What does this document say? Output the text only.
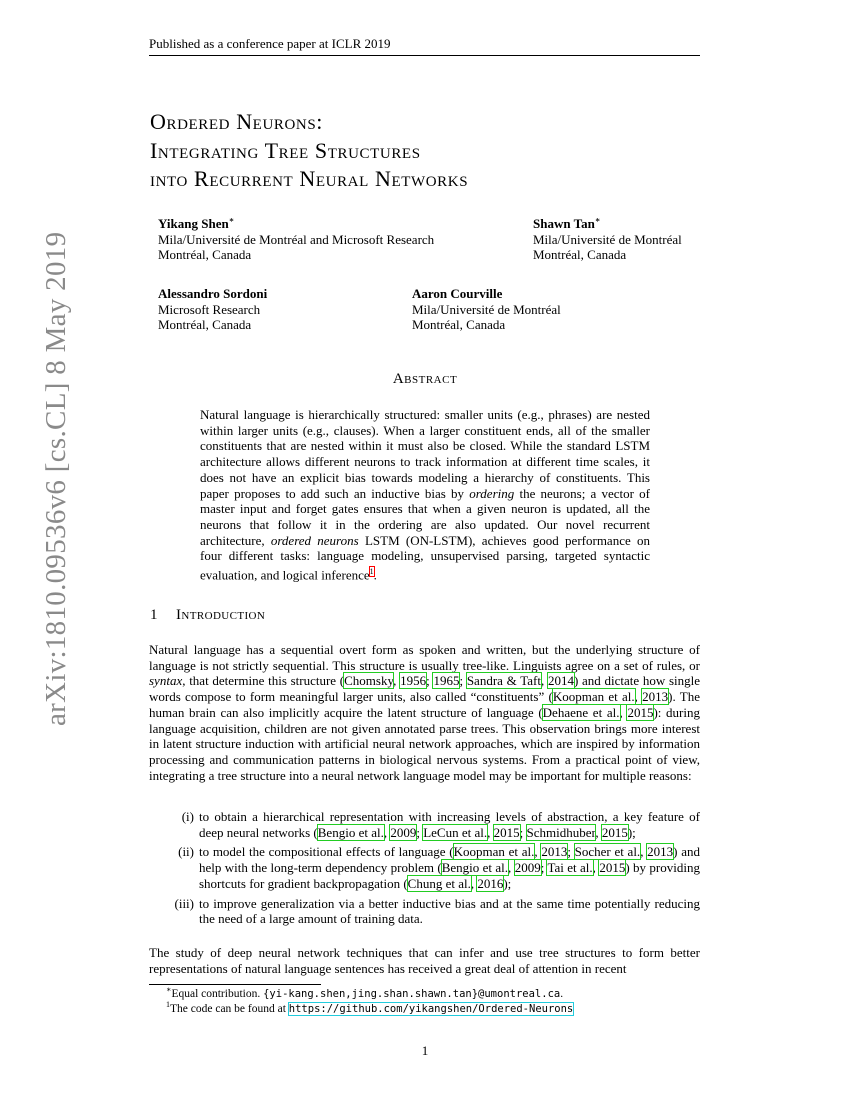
Published as a conference paper at ICLR 2019
arXiv:1810.09536v6 [cs.CL] 8 May 2019
Ordered Neurons:
Integrating Tree Structures
into Recurrent Neural Networks
Yikang Shen∗
Mila/Université de Montréal and Microsoft Research
Montréal, Canada
Shawn Tan∗
Mila/Université de Montréal
Montréal, Canada
Alessandro Sordoni
Microsoft Research
Montréal, Canada
Aaron Courville
Mila/Université de Montréal
Montréal, Canada
Abstract
Natural language is hierarchically structured: smaller units (e.g., phrases) are nested within larger units (e.g., clauses). When a larger constituent ends, all of the smaller constituents that are nested within it must also be closed. While the standard LSTM architecture allows different neurons to track information at different time scales, it does not have an explicit bias towards modeling a hierarchy of constituents. This paper proposes to add such an inductive bias by ordering the neurons; a vector of master input and forget gates ensures that when a given neuron is updated, all the neurons that follow it in the ordering are also updated. Our novel recurrent architecture, ordered neurons LSTM (ON-LSTM), achieves good performance on four different tasks: language modeling, unsupervised parsing, targeted syntactic evaluation, and logical inference$^1$.
1 Introduction
Natural language has a sequential overt form as spoken and written, but the underlying structure of language is not strictly sequential. This structure is usually tree-like. Linguists agree on a set of rules, or syntax, that determine this structure (Chomsky, 1956; 1965; Sandra & Taft, 2014) and dictate how single words compose to form meaningful larger units, also called “constituents” (Koopman et al., 2013). The human brain can also implicitly acquire the latent structure of language (Dehaene et al., 2015): during language acquisition, children are not given annotated parse trees. This observation brings more interest in latent structure induction with artificial neural network approaches, which are inspired by information processing and communication patterns in biological nervous systems. From a practical point of view, integrating a tree structure into a neural network language model may be important for multiple reasons:
(i) to obtain a hierarchical representation with increasing levels of abstraction, a key feature of deep neural networks (Bengio et al., 2009; LeCun et al., 2015; Schmidhuber, 2015);
(ii) to model the compositional effects of language (Koopman et al., 2013; Socher et al., 2013) and help with the long-term dependency problem (Bengio et al., 2009; Tai et al., 2015) by providing shortcuts for gradient backpropagation (Chung et al., 2016);
(iii) to improve generalization via a better inductive bias and at the same time potentially reducing the need of a large amount of training data.
The study of deep neural network techniques that can infer and use tree structures to form better representations of natural language sentences has received a great deal of attention in recent
∗Equal contribution. {yi-kang.shen,jing.shan.shawn.tan}@umontreal.ca.
$^1$The code can be found at https://github.com/yikangshen/Ordered-Neurons
1
